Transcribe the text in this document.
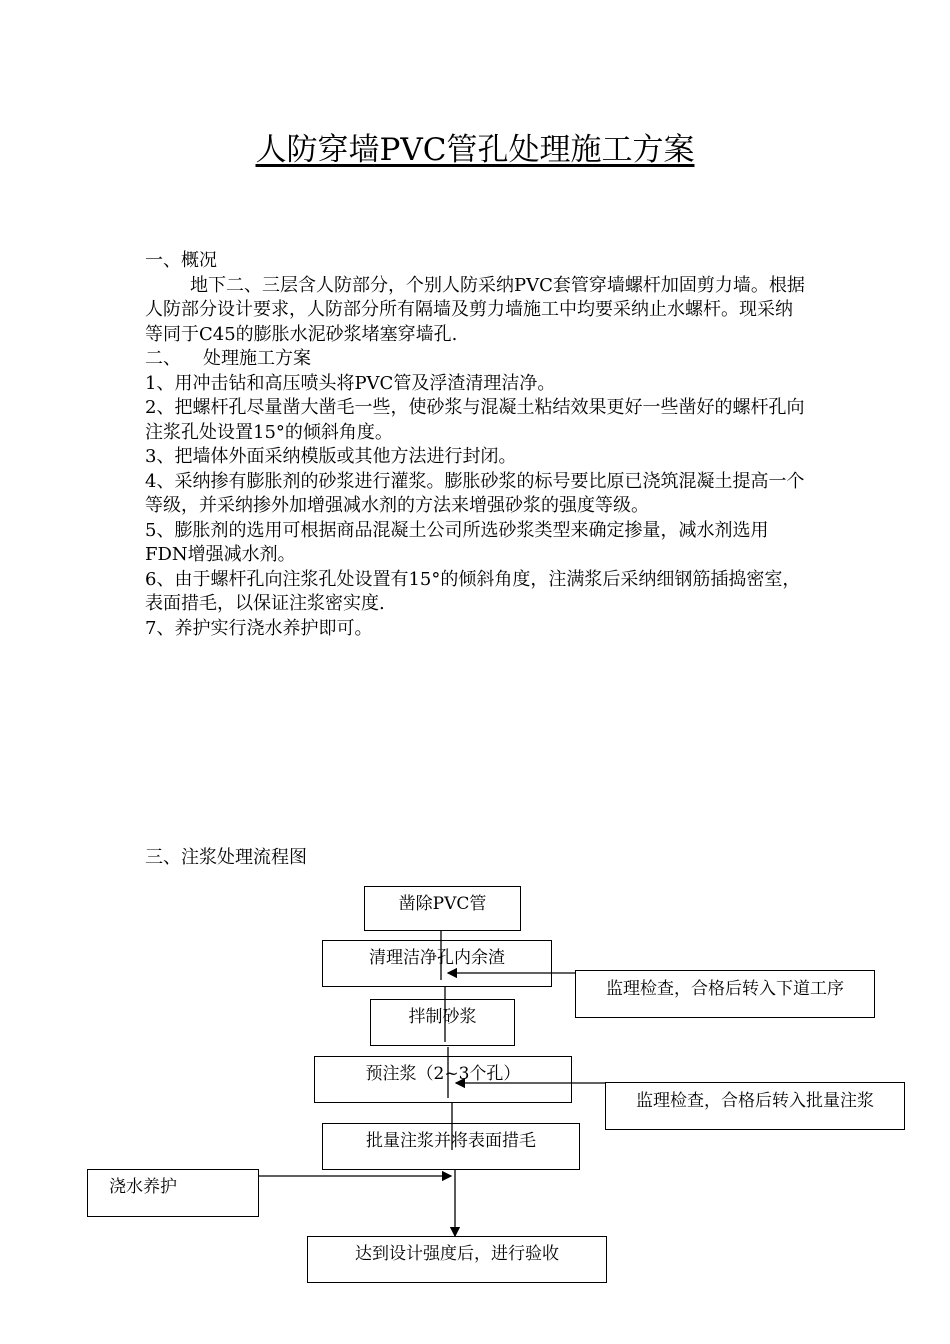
人防穿墙PVC管孔处理施工方案

一、概况

地下二、三层含人防部分，个别人防采纳PVC套管穿墙螺杆加固剪力墙。根据人防部分设计要求，人防部分所有隔墙及剪力墙施工中均要采纳止水螺杆。现采纳等同于C45的膨胀水泥砂浆堵塞穿墙孔.

二、 处理施工方案

1、用冲击钻和高压喷头将PVC管及浮渣清理洁净。

2、把螺杆孔尽量凿大凿毛一些，使砂浆与混凝土粘结效果更好一些凿好的螺杆孔向注浆孔处设置15°的倾斜角度。

3、把墙体外面采纳模版或其他方法进行封闭。

4、采纳掺有膨胀剂的砂浆进行灌浆。膨胀砂浆的标号要比原已浇筑混凝土提高一个等级，并采纳掺外加增强减水剂的方法来增强砂浆的强度等级。

5、膨胀剂的选用可根据商品混凝土公司所选砂浆类型来确定掺量，减水剂选用FDN增强减水剂。

6、由于螺杆孔向注浆孔处设置有15°的倾斜角度，注满浆后采纳细钢筋插捣密室，表面措毛，以保证注浆密实度.

7、养护实行浇水养护即可。

三、注浆处理流程图
凿除PVC管
清理洁净孔内余渣
监理检查，合格后转入下道工序
拌制砂浆
预注浆（2~3个孔）
监理检查，合格后转入批量注浆
批量注浆并将表面措毛
浇水养护
达到设计强度后，进行验收
